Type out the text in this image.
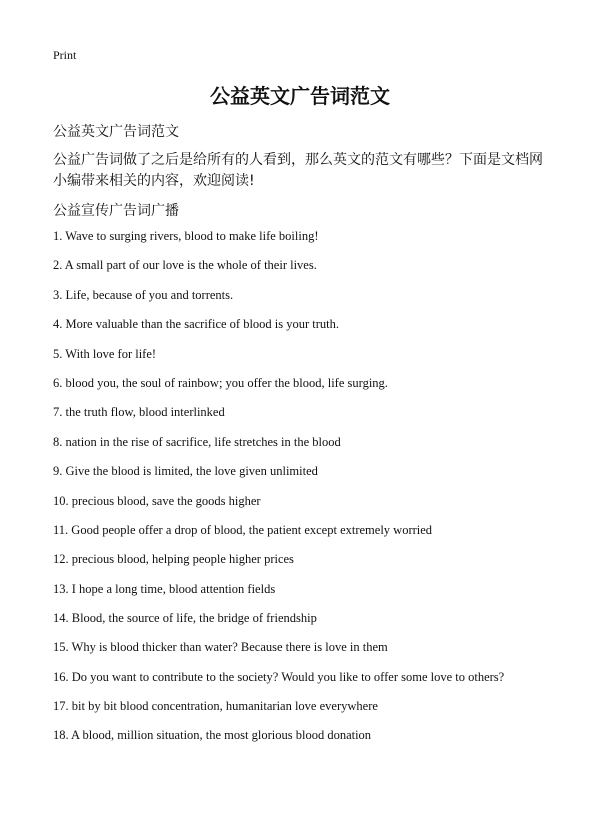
Print
公益英文广告词范文
公益英文广告词范文
公益广告词做了之后是给所有的人看到，那么英文的范文有哪些？下面是文档网小编带来相关的内容，欢迎阅读!
公益宣传广告词广播
1. Wave to surging rivers, blood to make life boiling!
2. A small part of our love is the whole of their lives.
3. Life, because of you and torrents.
4. More valuable than the sacrifice of blood is your truth.
5. With love for life!
6. blood you, the soul of rainbow; you offer the blood, life surging.
7. the truth flow, blood interlinked
8. nation in the rise of sacrifice, life stretches in the blood
9. Give the blood is limited, the love given unlimited
10. precious blood, save the goods higher
11. Good people offer a drop of blood, the patient except extremely worried
12. precious blood, helping people higher prices
13. I hope a long time, blood attention fields
14. Blood, the source of life, the bridge of friendship
15. Why is blood thicker than water? Because there is love in them
16. Do you want to contribute to the society? Would you like to offer some love to others?
17. bit by bit blood concentration, humanitarian love everywhere
18. A blood, million situation, the most glorious blood donation
